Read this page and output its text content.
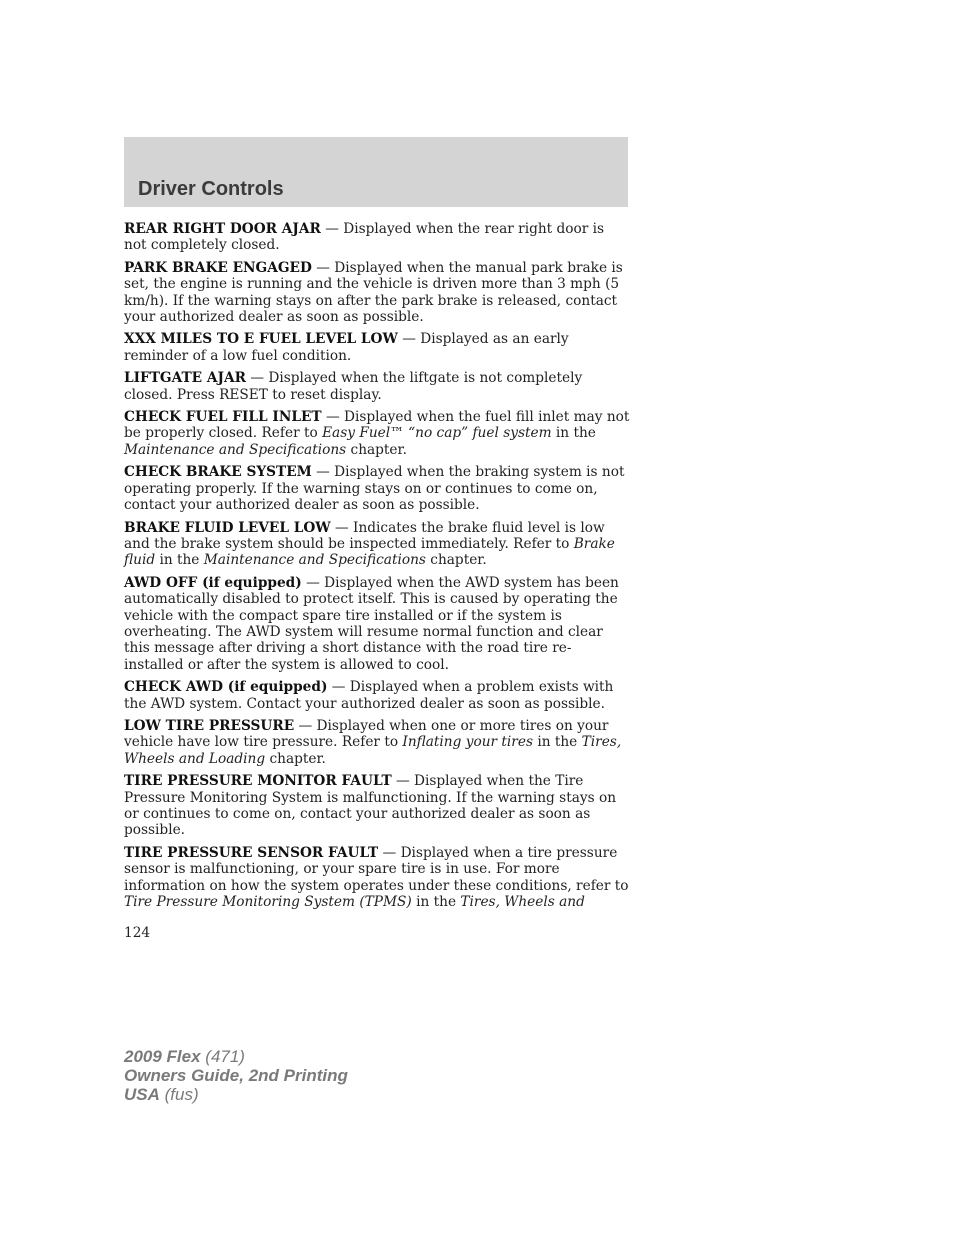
Driver Controls

REAR RIGHT DOOR AJAR — Displayed when the rear right door is not completely closed.

PARK BRAKE ENGAGED — Displayed when the manual park brake is set, the engine is running and the vehicle is driven more than 3 mph (5 km/h). If the warning stays on after the park brake is released, contact your authorized dealer as soon as possible.

XXX MILES TO E FUEL LEVEL LOW — Displayed as an early reminder of a low fuel condition.

LIFTGATE AJAR — Displayed when the liftgate is not completely closed. Press RESET to reset display.

CHECK FUEL FILL INLET — Displayed when the fuel fill inlet may not be properly closed. Refer to Easy Fuel™ “no cap” fuel system in the Maintenance and Specifications chapter.

CHECK BRAKE SYSTEM — Displayed when the braking system is not operating properly. If the warning stays on or continues to come on, contact your authorized dealer as soon as possible.

BRAKE FLUID LEVEL LOW — Indicates the brake fluid level is low and the brake system should be inspected immediately. Refer to Brake fluid in the Maintenance and Specifications chapter.

AWD OFF (if equipped) — Displayed when the AWD system has been automatically disabled to protect itself. This is caused by operating the vehicle with the compact spare tire installed or if the system is overheating. The AWD system will resume normal function and clear this message after driving a short distance with the road tire re-installed or after the system is allowed to cool.

CHECK AWD (if equipped) — Displayed when a problem exists with the AWD system. Contact your authorized dealer as soon as possible.

LOW TIRE PRESSURE — Displayed when one or more tires on your vehicle have low tire pressure. Refer to Inflating your tires in the Tires, Wheels and Loading chapter.

TIRE PRESSURE MONITOR FAULT — Displayed when the Tire Pressure Monitoring System is malfunctioning. If the warning stays on or continues to come on, contact your authorized dealer as soon as possible.

TIRE PRESSURE SENSOR FAULT — Displayed when a tire pressure sensor is malfunctioning, or your spare tire is in use. For more information on how the system operates under these conditions, refer to Tire Pressure Monitoring System (TPMS) in the Tires, Wheels and

124
2009 Flex (471)
Owners Guide, 2nd Printing
USA (fus)
